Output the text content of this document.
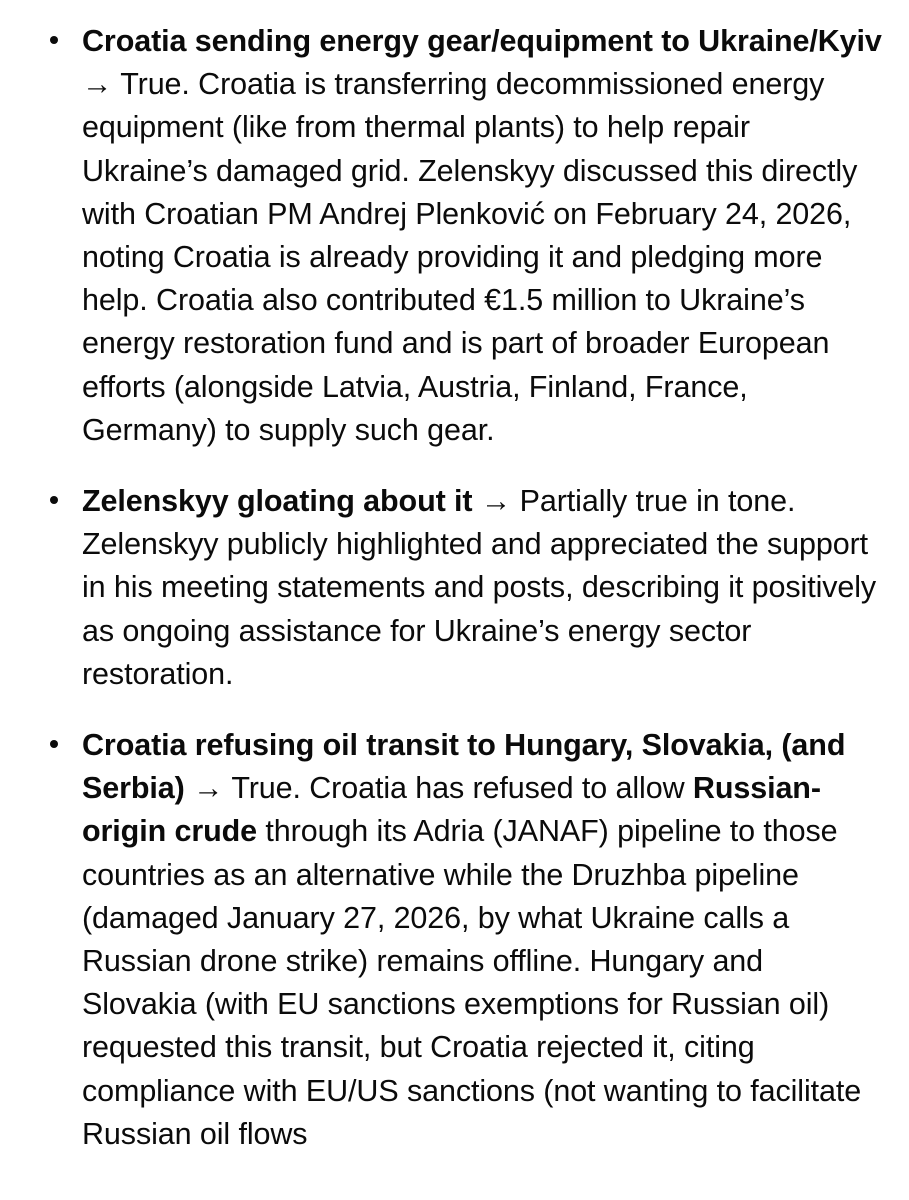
Croatia sending energy gear/equipment to Ukraine/Kyiv → True. Croatia is transferring decommissioned energy equipment (like from thermal plants) to help repair Ukraine’s damaged grid. Zelenskyy discussed this directly with Croatian PM Andrej Plenković on February 24, 2026, noting Croatia is already providing it and pledging more help. Croatia also contributed €1.5 million to Ukraine’s energy restoration fund and is part of broader European efforts (alongside Latvia, Austria, Finland, France, Germany) to supply such gear.
Zelenskyy gloating about it → Partially true in tone. Zelenskyy publicly highlighted and appreciated the support in his meeting statements and posts, describing it positively as ongoing assistance for Ukraine’s energy sector restoration.
Croatia refusing oil transit to Hungary, Slovakia, (and Serbia) → True. Croatia has refused to allow Russian-origin crude through its Adria (JANAF) pipeline to those countries as an alternative while the Druzhba pipeline (damaged January 27, 2026, by what Ukraine calls a Russian drone strike) remains offline. Hungary and Slovakia (with EU sanctions exemptions for Russian oil) requested this transit, but Croatia rejected it, citing compliance with EU/US sanctions (not wanting to facilitate Russian oil flows
